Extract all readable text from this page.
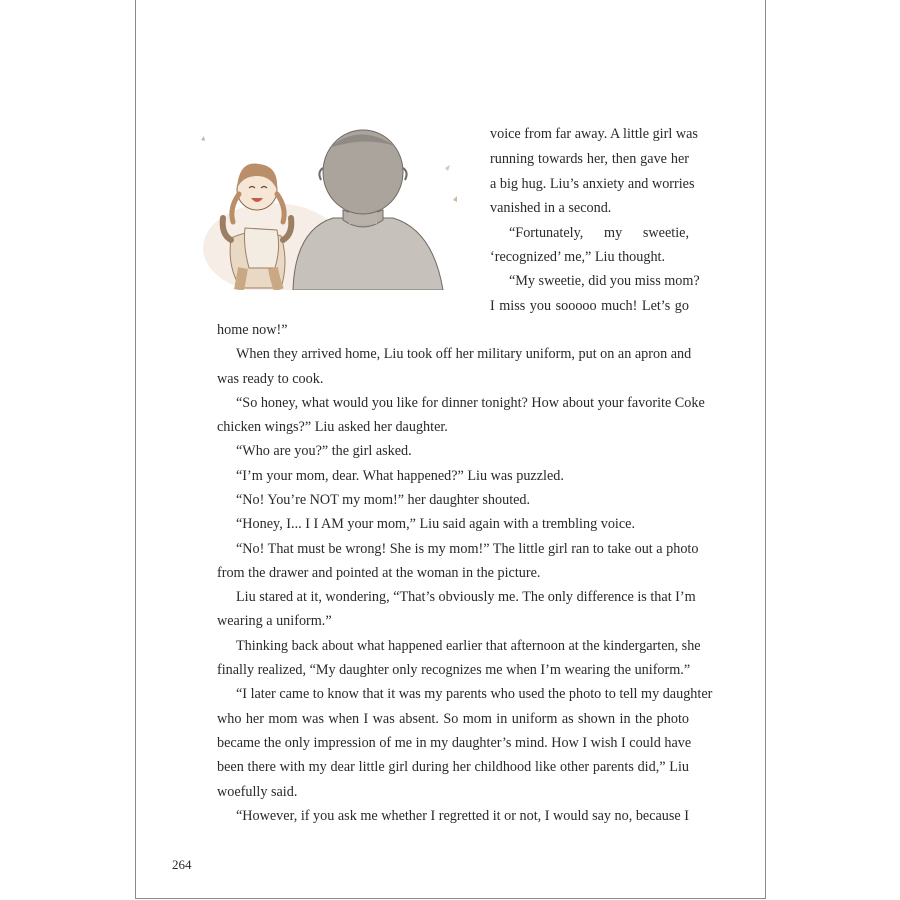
voice from far away. A little girl was
running towards her, then gave her
a big hug. Liu’s anxiety and worries
vanished in a second.
“Fortunately, my sweetie,
‘recognized’ me,” Liu thought.
“My sweetie, did you miss mom?
I miss you sooooo much! Let’s go
home now!”
When they arrived home, Liu took off her military uniform, put on an apron and
was ready to cook.
“So honey, what would you like for dinner tonight? How about your favorite Coke
chicken wings?” Liu asked her daughter.
“Who are you?” the girl asked.
“I’m your mom, dear. What happened?” Liu was puzzled.
“No! You’re NOT my mom!” her daughter shouted.
“Honey, I... I I AM your mom,” Liu said again with a trembling voice.
“No! That must be wrong! She is my mom!” The little girl ran to take out a photo
from the drawer and pointed at the woman in the picture.
Liu stared at it, wondering, “That’s obviously me. The only difference is that I’m
wearing a uniform.”
Thinking back about what happened earlier that afternoon at the kindergarten, she
finally realized, “My daughter only recognizes me when I’m wearing the uniform.”
“I later came to know that it was my parents who used the photo to tell my daughter
who her mom was when I was absent. So mom in uniform as shown in the photo
became the only impression of me in my daughter’s mind. How I wish I could have
been there with my dear little girl during her childhood like other parents did,” Liu
woefully said.
“However, if you ask me whether I regretted it or not, I would say no, because I
264
